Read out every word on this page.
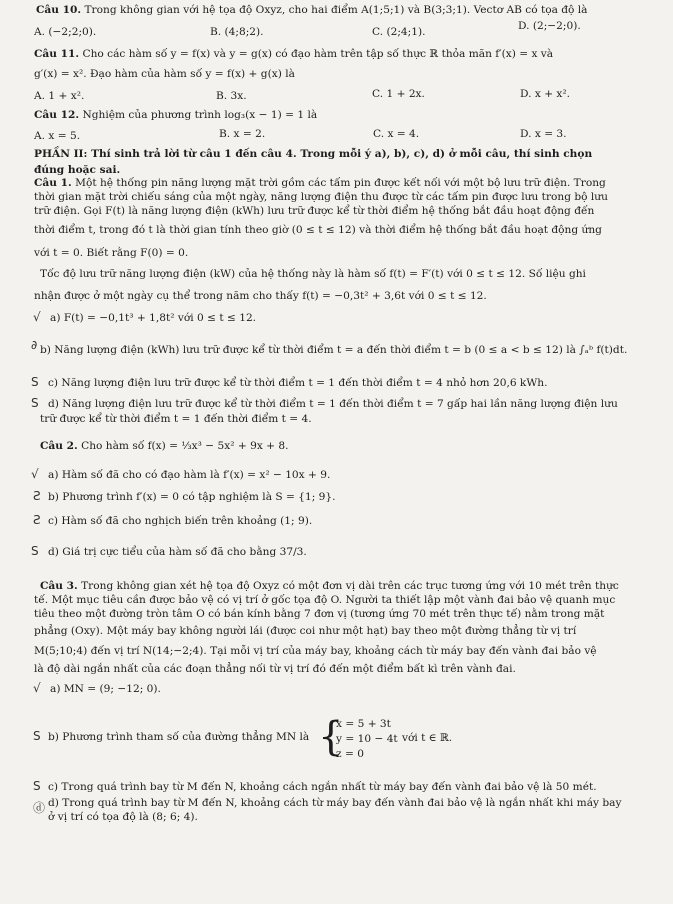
Câu 10. Trong không gian với hệ tọa độ Oxyz, cho hai điểm A(1;5;1) và B(3;3;1). Vectơ AB có tọa độ là
A. (−2;2;0).	B. (4;8;2).	C. (2;4;1).	D. (2;−2;0).
Câu 11. Cho các hàm số y = f(x) và y = g(x) có đạo hàm trên tập số thực ℝ thỏa mãn f′(x) = x và
g′(x) = x². Đạo hàm của hàm số y = f(x) + g(x) là
A. 1 + x².	B. 3x.	C. 1 + 2x.	D. x + x².
Câu 12. Nghiệm của phương trình log₃(x − 1) = 1 là
A. x = 5.	B. x = 2.	C. x = 4.	D. x = 3.
PHẦN II: Thí sinh trả lời từ câu 1 đến câu 4. Trong mỗi ý a), b), c), d) ở mỗi câu, thí sinh chọn
đúng hoặc sai.
Câu 1. Một hệ thống pin năng lượng mặt trời gồm các tấm pin được kết nối với một bộ lưu trữ điện. Trong
thời gian mặt trời chiếu sáng của một ngày, năng lượng điện thu được từ các tấm pin được lưu trong bộ lưu
trữ điện. Gọi F(t) là năng lượng điện (kWh) lưu trữ được kể từ thời điểm hệ thống bắt đầu hoạt động đến
thời điểm t, trong đó t là thời gian tính theo giờ (0 ≤ t ≤ 12) và thời điểm hệ thống bắt đầu hoạt động ứng
với t = 0. Biết rằng F(0) = 0.
Tốc độ lưu trữ năng lượng điện (kW) của hệ thống này là hàm số f(t) = F′(t) với 0 ≤ t ≤ 12. Số liệu ghi
nhận được ở một ngày cụ thể trong năm cho thấy f(t) = −0,3t² + 3,6t với 0 ≤ t ≤ 12.
a) F(t) = −0,1t³ + 1,8t² với 0 ≤ t ≤ 12.
b) Năng lượng điện (kWh) lưu trữ được kể từ thời điểm t = a đến thời điểm t = b (0 ≤ a < b ≤ 12) là ∫ₐᵇ f(t)dt.
c) Năng lượng điện lưu trữ được kể từ thời điểm t = 1 đến thời điểm t = 4 nhỏ hơn 20,6 kWh.
d) Năng lượng điện lưu trữ được kể từ thời điểm t = 1 đến thời điểm t = 7 gấp hai lần năng lượng điện lưu
trữ được kể từ thời điểm t = 1 đến thời điểm t = 4.
Câu 2. Cho hàm số f(x) = ⅓x³ − 5x² + 9x + 8.
a) Hàm số đã cho có đạo hàm là f′(x) = x² − 10x + 9.
b) Phương trình f′(x) = 0 có tập nghiệm là S = {1; 9}.
c) Hàm số đã cho nghịch biến trên khoảng (1; 9).
d) Giá trị cực tiểu của hàm số đã cho bằng 37/3.
Câu 3. Trong không gian xét hệ tọa độ Oxyz có một đơn vị dài trên các trục tương ứng với 10 mét trên thực
tế. Một mục tiêu cần được bảo vệ có vị trí ở gốc tọa độ O. Người ta thiết lập một vành đai bảo vệ quanh mục
tiêu theo một đường tròn tâm O có bán kính bằng 7 đơn vị (tương ứng 70 mét trên thực tế) nằm trong mặt
phẳng (Oxy). Một máy bay không người lái (được coi như một hạt) bay theo một đường thẳng từ vị trí
M(5;10;4) đến vị trí N(14;−2;4). Tại mỗi vị trí của máy bay, khoảng cách từ máy bay đến vành đai bảo vệ
là độ dài ngắn nhất của các đoạn thẳng nối từ vị trí đó đến một điểm bất kì trên vành đai.
a) MN = (9; −12; 0).
b) Phương trình tham số của đường thẳng MN là
c) Trong quá trình bay từ M đến N, khoảng cách ngắn nhất từ máy bay đến vành đai bảo vệ là 50 mét.
d) Trong quá trình bay từ M đến N, khoảng cách từ máy bay đến vành đai bảo vệ là ngắn nhất khi máy bay
ở vị trí có tọa độ là (8; 6; 4).
√
∂
S
S
√
Ƨ
Ƨ
S
√
S
S
ⓓ
{
x = 5 + 3t
y = 10 − 4t
z = 0
với t ∈ ℝ.
